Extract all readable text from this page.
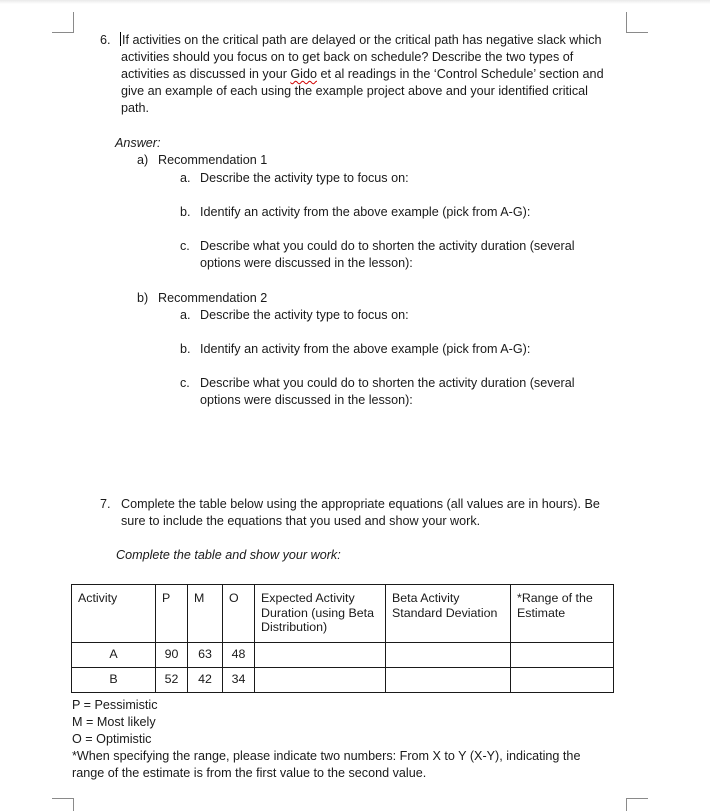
6. If activities on the critical path are delayed or the critical path has negative slack which
activities should you focus on to get back on schedule? Describe the two types of
activities as discussed in your Gido et al readings in the ‘Control Schedule’ section and
give an example of each using the example project above and your identified critical
path.
Answer:
a) Recommendation 1
a. Describe the activity type to focus on:
b. Identify an activity from the above example (pick from A-G):
c. Describe what you could do to shorten the activity duration (several
options were discussed in the lesson):
b) Recommendation 2
a. Describe the activity type to focus on:
b. Identify an activity from the above example (pick from A-G):
c. Describe what you could do to shorten the activity duration (several
options were discussed in the lesson):
7. Complete the table below using the appropriate equations (all values are in hours). Be
sure to include the equations that you used and show your work.
Complete the table and show your work:
Activity	P	M	O	Expected Activity Duration (using Beta Distribution)	Beta Activity Standard Deviation	*Range of the Estimate
A	90	63	48			
B	52	42	34			
P = Pessimistic
M = Most likely
O = Optimistic
*When specifying the range, please indicate two numbers: From X to Y (X-Y), indicating the
range of the estimate is from the first value to the second value.
